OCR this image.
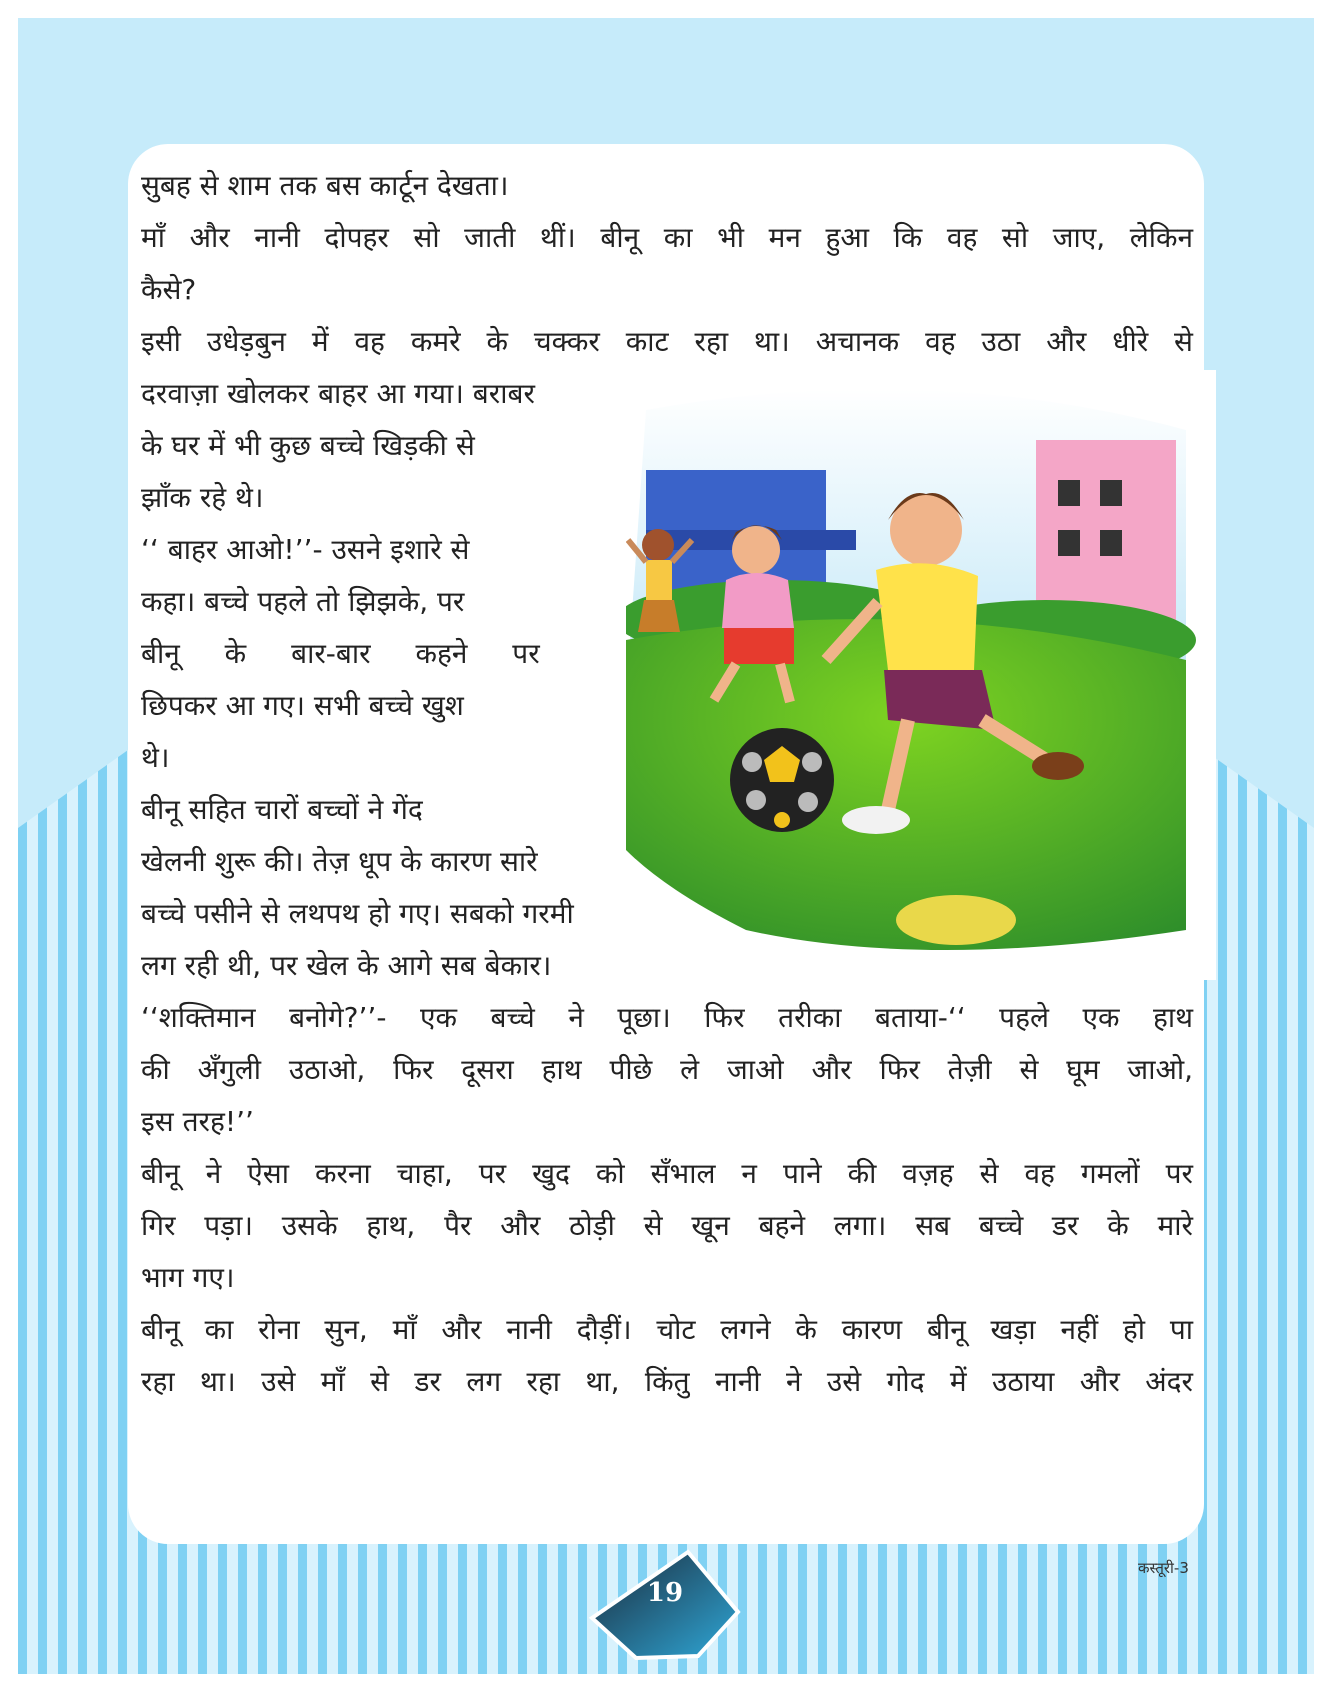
सुबह से शाम तक बस कार्टून देखता।
माँ और नानी दोपहर सो जाती थीं। बीनू का भी मन हुआ कि वह सो जाए, लेकिन
कैसे?
इसी उधेड़बुन में वह कमरे के चक्कर काट रहा था। अचानक वह उठा और धीरे से
दरवाज़ा खोलकर बाहर आ गया। बराबर
के घर में भी कुछ बच्चे खिड़की से
झाँक रहे थे।
‘‘ बाहर आओ!’’- उसने इशारे से
कहा। बच्चे पहले तो झिझके, पर
बीनू के बार-बार कहने पर
छिपकर आ गए। सभी बच्चे खुश
थे।
बीनू सहित चारों बच्चों ने गेंद
खेलनी शुरू की। तेज़ धूप के कारण सारे
बच्चे पसीने से लथपथ हो गए। सबको गरमी
लग रही थी, पर खेल के आगे सब बेकार।
‘‘शक्तिमान बनोगे?’’- एक बच्चे ने पूछा। फिर तरीका बताया-‘‘ पहले एक हाथ
की अँगुली उठाओ, फिर दूसरा हाथ पीछे ले जाओ और फिर तेज़ी से घूम जाओ,
इस तरह!’’
बीनू ने ऐसा करना चाहा, पर खुद को सँभाल न पाने की वज़ह से वह गमलों पर
गिर पड़ा। उसके हाथ, पैर और ठोड़ी से खून बहने लगा। सब बच्चे डर के मारे
भाग गए।
बीनू का रोना सुन, माँ और नानी दौड़ीं। चोट लगने के कारण बीनू खड़ा नहीं हो पा
रहा था। उसे माँ से डर लग रहा था, किंतु नानी ने उसे गोद में उठाया और अंदर
19
कस्तूरी-3
